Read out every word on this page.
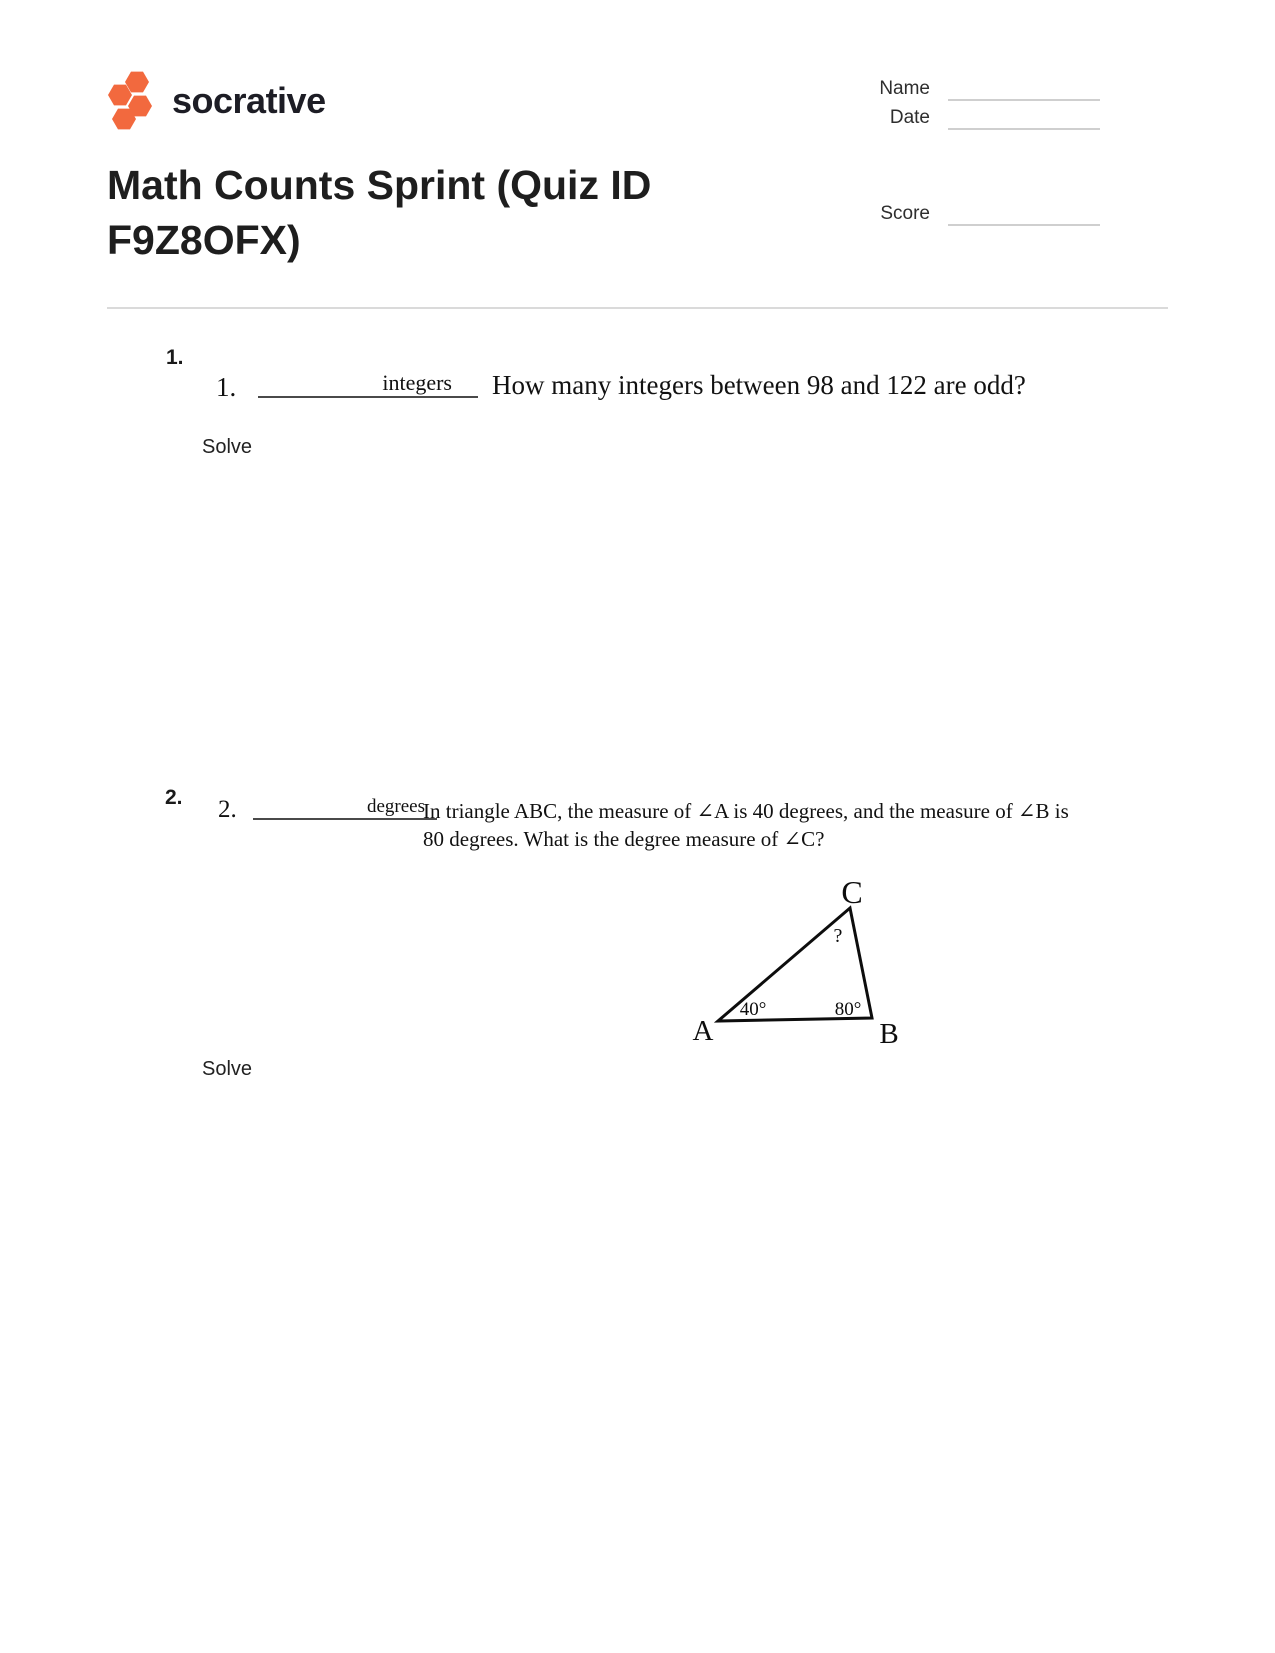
socrative	Name
Date
Math Counts Sprint (Quiz ID F9Z8OFX)
Score
1.
1.	integers How many integers between 98 and 122 are odd?
Solve
2. 2.	degrees
In triangle ABC, the measure of ∠A is 40 degrees, and the measure of ∠B is
80 degrees. What is the degree measure of ∠C?
C
?
40°	80°
A	B
Solve
